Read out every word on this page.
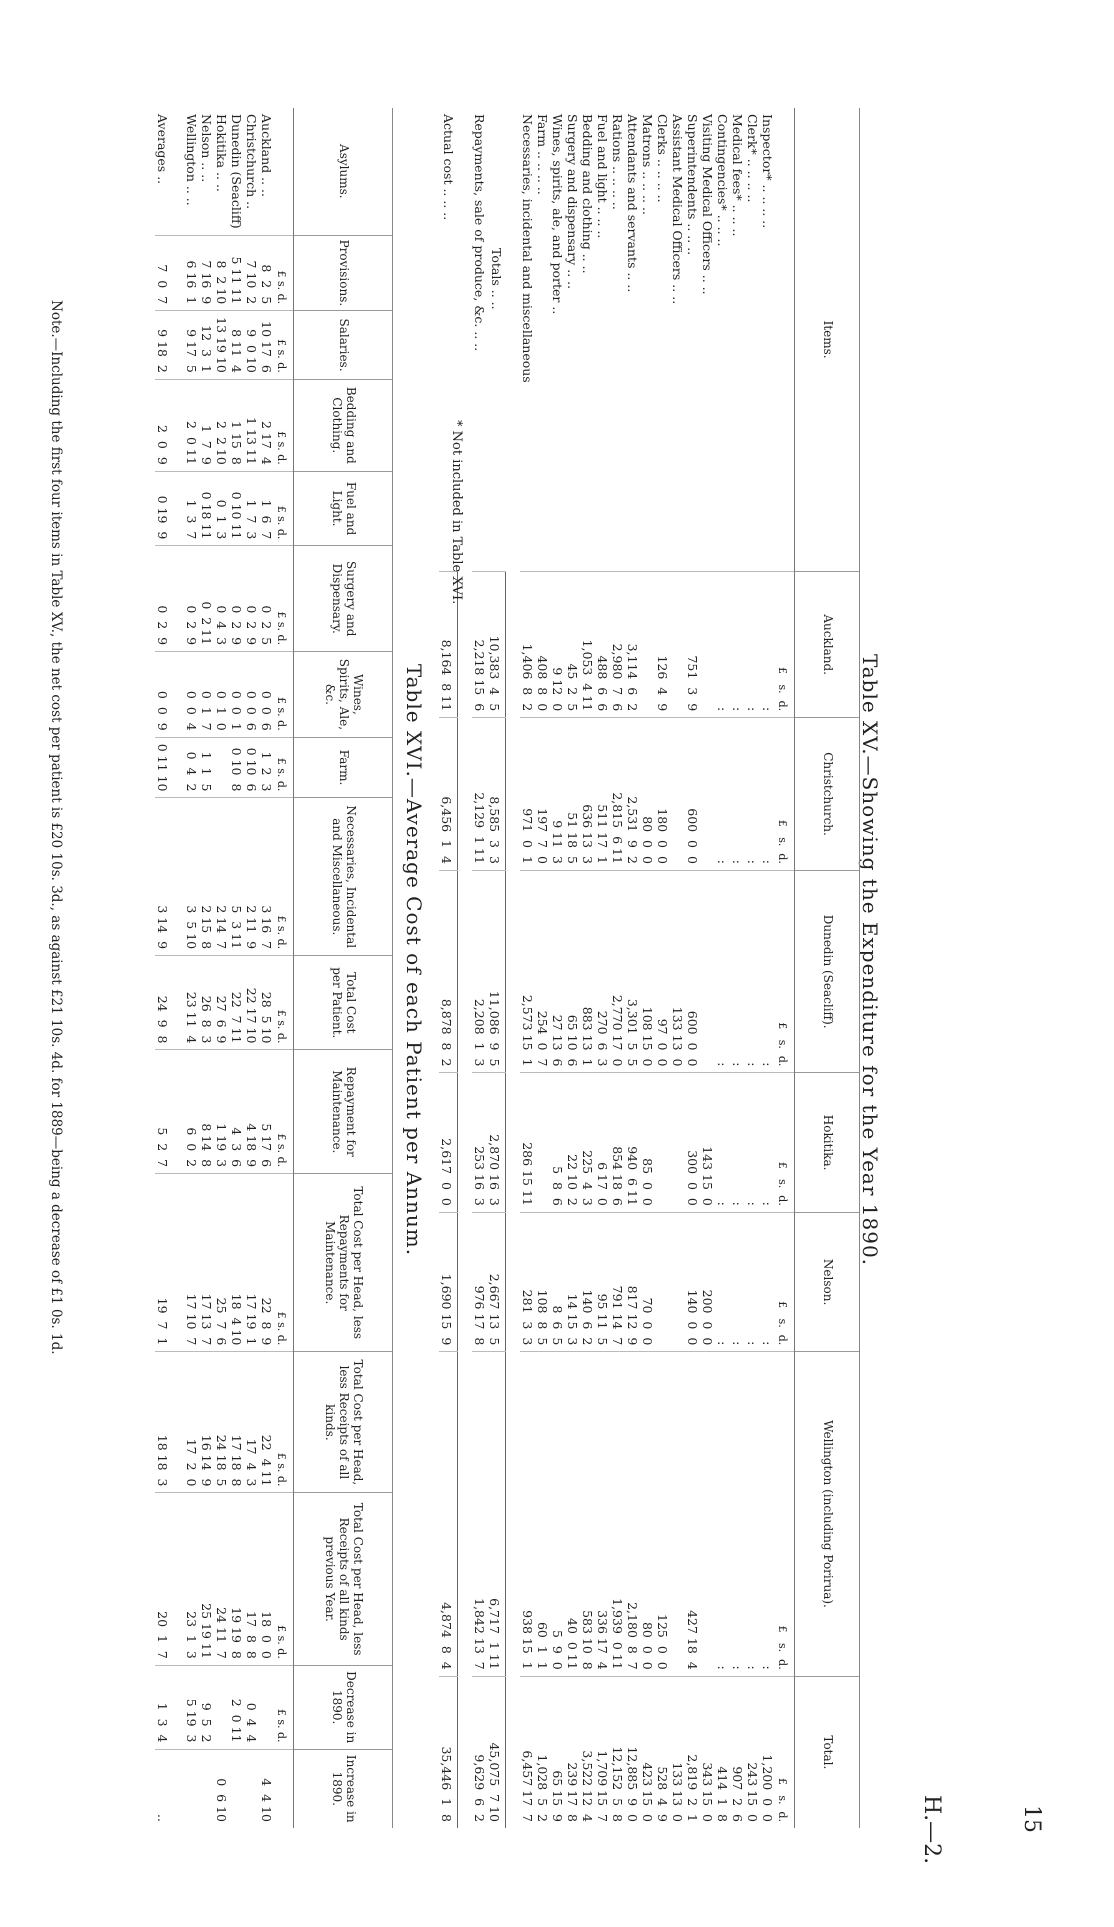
15
H.—2.
Table XV.—Showing the Expenditure for the Year 1890.
Items.	Auckland.	Christchurch.	Dunedin (Seacliff).	Hokitika.	Nelson.	Wellington (including Porirua).	Total.
	£   s.  d.	£   s.  d.	£   s.  d.	£   s.  d.	£   s.  d.	£   s.  d.	£   s.  d.
Inspector* .. .. .. ..	:	:	:	:	:	:	1,200  0  0
Clerk* .. .. .. ..	:	:	:	:	:	:	243 15  0
Medical fees* .. .. ..	:	:	:	:	:	:	907  2  6
Contingencies* .. .. ..	:	:	:	:	:	:	414  1  8
Visiting Medical Officers .. ..				143 15  0	200  0  0		343 15  0
Superintendents .. .. ..	751  3  9	600  0  0	600  0  0	300  0  0	140  0  0	427 18  4	2,819  2  1
Assistant Medical Officers .. ..			133 13  0				133 13  0
Clerks .. .. .. ..	126  4  9	180  0  0	97  0  0			125  0  0	528  4  9
Matrons .. .. .. ..		80  0  0	108 15  0	85  0  0	70  0  0	80  0  0	423 15  0
Attendants and servants .. ..	3,114  6  2	2,531  9  2	3,301  5  5	940  6 11	817 12  9	2,180  8  7	12,885  9  0
Rations .. .. .. ..	2,980  7  6	2,815  6 11	2,770 17  0	854 18  6	791 14  7	1,939  0 11	12,152  5  8
Fuel and light .. .. ..	488  6  6	511 17  1	270  6  3	6 17  0	95 11  5	336 17  4	1,709 15  7
Bedding and clothing .. ..	1,053  4 11	636 13  3	883 13  1	225  4  3	140  6  2	583 10  8	3,522 12  4
Surgery and dispensary .. ..	45  2  5	51 18  5	65 10  6	22 10  2	14 15  3	40  0 11	239 17  8
Wines, spirits, ale, and porter ..	9 12  0	9 11  3	27 13  6	5  8  6	8  6  5	5  9  0	65 15  9
Farm .. .. .. ..	408  8  0	197  7  0	254  0  7		108  8  5	60  1  1	1,028  5  2
Necessaries, incidental and miscellaneous	1,406  8  2	971  0  1	2,573 15  1	286 15 11	281  3  3	938 15  1	6,457 17  7

Totals .. ..	10,383  4  5	8,585  3  3	11,086  9  5	2,870 16  3	2,667 13  5	6,717  1 11	45,075  7 10
Repayments, sale of produce, &c. .. ..	2,218 15  6	2,129  1 11	2,208  1  3	253 16  3	976 17  8	1,842 13  7	9,629  6  2

Actual cost .. .. ..	8,164  8 11	6,456  1  4	8,878  8  2	2,617  0  0	1,690 15  9	4,874  8  4	35,446  1  8
* Not included in Table XVI.
Table XVI.—Average Cost of each Patient per Annum.
Asylums.	Provisions.	Salaries.	Bedding and Clothing.	Fuel and Light.	Surgery and Dispensary.	Wines, Spirits, Ale, &c.	Farm.	Necessaries, Incidental and Miscellaneous.	Total Cost per Patient.	Repayment for Maintenance.	Total Cost per Head, less Repayments for Maintenance.	Total Cost per Head, less Receipts of all kinds.	Total Cost per Head, less Receipts of all kinds previous Year.	Decrease in 1890.	Increase in 1890.
	£ s. d.	£ s. d.	£ s. d.	£ s. d.	£ s. d.	£ s. d.	£ s. d.	£ s. d.	£ s. d.	£ s. d.	£ s. d.	£ s. d.	£ s. d.	£ s. d.	
Auckland .. ..	8  2  5	10 17  6	2 17  4	1  6  7	0  2  5	0  0  6	1  2  3	3 16  7	28  5 10	5 17  6	22  8  9	22  4 11	18  0  0		4  4 10
Christchurch ..	7 10  2	9  0 10	1 13 11	1  7  3	0  2  9	0  0  6	0 10  6	2 11  9	22 17 10	4 18  9	17 19  1	17  4  3	17  8  8	0  4  4	
Dunedin (Seacliff)	5 11 11	8 11  4	1 15  8	0 10 11	0  2  9	0  0  1	0 10  8	5  3 11	22  7 11	4  3  6	18  4 10	17 18  8	19 19  8	2  0 11	
Hokitika .. ..	8  2 10	13 19 10	2  2 10	0  1  3	0  4  3	0  1  0		2 14  7	27  6  9	1 19  3	25  7  6	24 18  5	24 11  7		0  6 10
Nelson .. ..	7 16  9	12  3  1	1  7  9	0 18 11	0  2 11	0  1  7	1  1  5	2 15  8	26  8  3	8 14  8	17 13  7	16 14  9	25 19 11	9  5  2	
Wellington .. ..	6 16  1	9 17  5	2  0 11	1  3  7	0  2  9	0  0  4	0  4  2	3  5 10	23 11  4	6  0  2	17 10  7	17  2  0	23  1  3	5 19  3	
Averages ..	7  0  7	9 18  2	2  0  9	0 19  9	0  2  9	0  0  9	0 11 10	3 14  9	24  9  8	5  2  7	19  7  1	18 18  3	20  1  7	1  3  4	..
Note.—Including the first four items in Table XV., the net cost per patient is £20 10s. 3d., as against £21 10s. 4d. for 1889—being a decrease of £1 0s. 1d.
